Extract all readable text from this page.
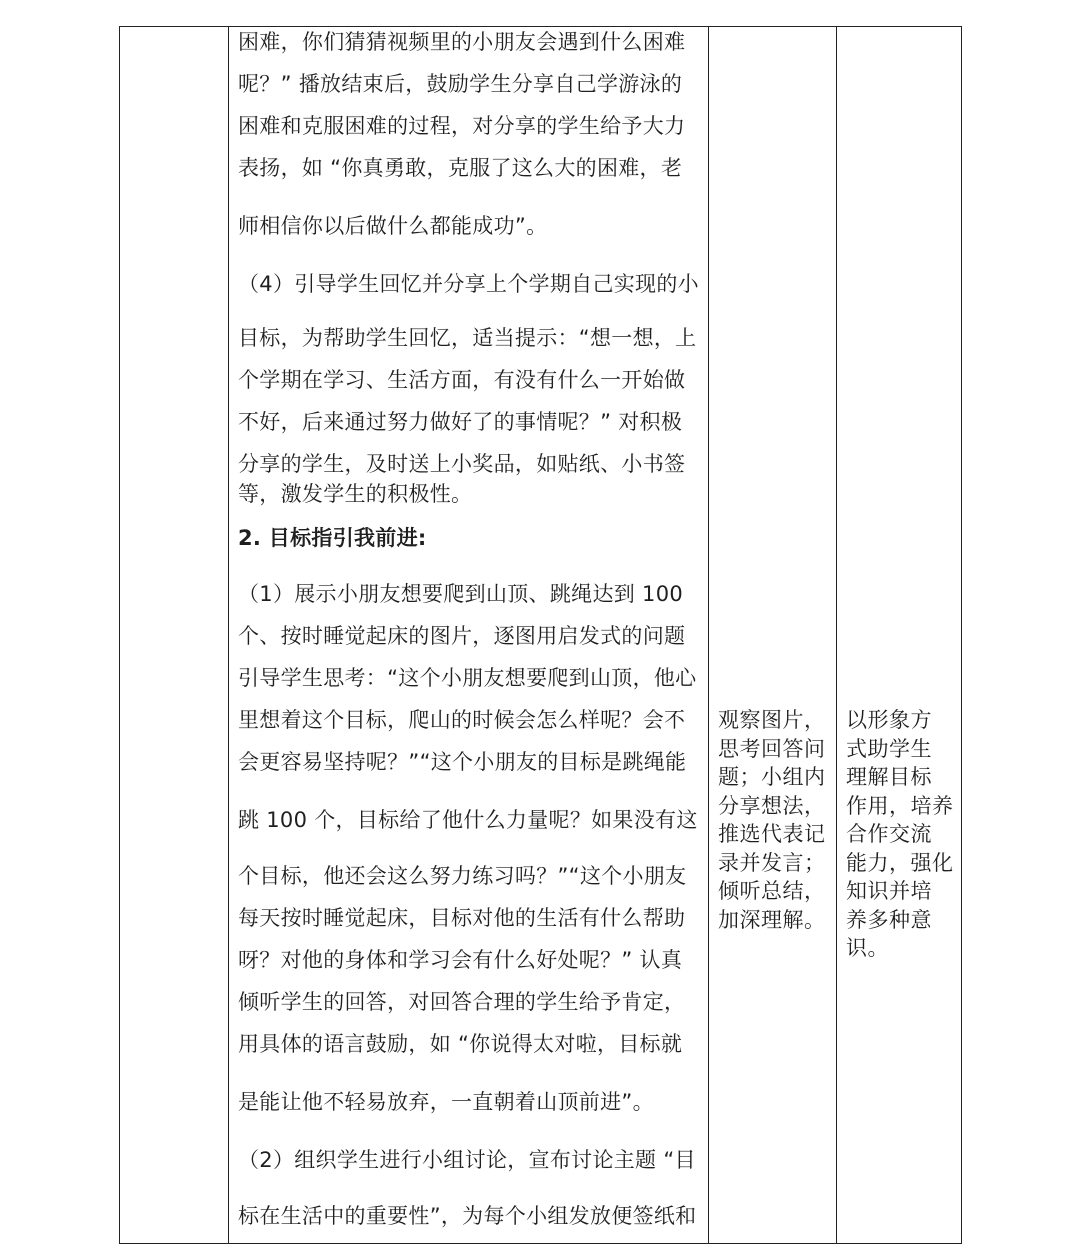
困难，你们猜猜视频里的小朋友会遇到什么困难
呢？” 播放结束后，鼓励学生分享自己学游泳的
困难和克服困难的过程，对分享的学生给予大力
表扬，如 “你真勇敢，克服了这么大的困难，老
师相信你以后做什么都能成功”。
（4）引导学生回忆并分享上个学期自己实现的小
目标，为帮助学生回忆，适当提示：“想一想，上
个学期在学习、生活方面，有没有什么一开始做
不好，后来通过努力做好了的事情呢？” 对积极
分享的学生，及时送上小奖品，如贴纸、小书签
等，激发学生的积极性。
2. 目标指引我前进:
（1）展示小朋友想要爬到山顶、跳绳达到 100
个、按时睡觉起床的图片，逐图用启发式的问题
引导学生思考：“这个小朋友想要爬到山顶，他心
里想着这个目标，爬山的时候会怎么样呢？会不
会更容易坚持呢？”“这个小朋友的目标是跳绳能
跳 100 个，目标给了他什么力量呢？如果没有这
个目标，他还会这么努力练习吗？”“这个小朋友
每天按时睡觉起床，目标对他的生活有什么帮助
呀？对他的身体和学习会有什么好处呢？” 认真
倾听学生的回答，对回答合理的学生给予肯定，
用具体的语言鼓励，如 “你说得太对啦，目标就
是能让他不轻易放弃，一直朝着山顶前进”。
（2）组织学生进行小组讨论，宣布讨论主题 “目
标在生活中的重要性”，为每个小组发放便签纸和
观察图片，
思考回答问
题；小组内
分享想法，
推选代表记
录并发言；
倾听总结，
加深理解。
以形象方
式助学生
理解目标
作用，培养
合作交流
能力，强化
知识并培
养多种意
识。
